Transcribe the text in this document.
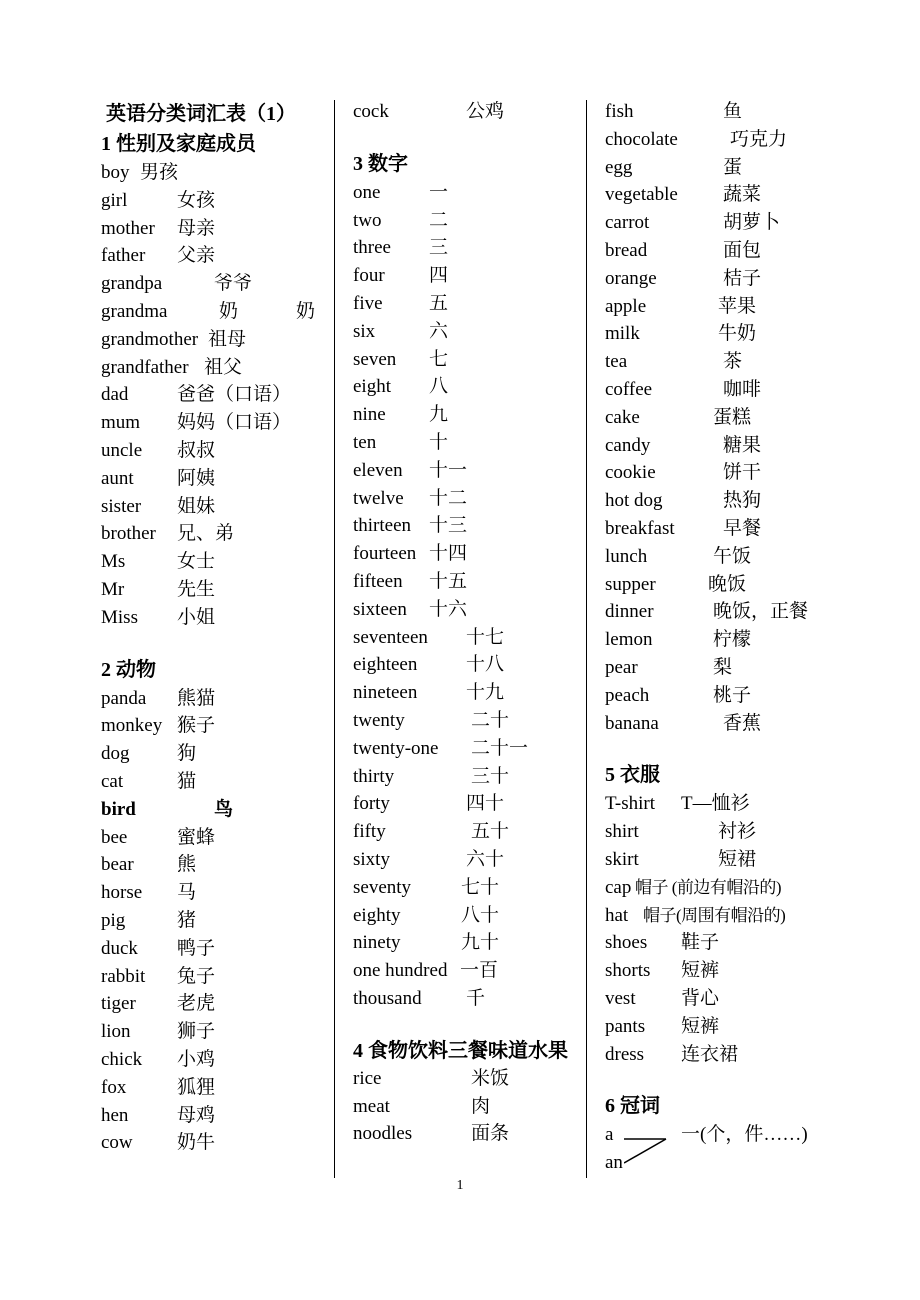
英语分类词汇表（1）
1 性别及家庭成员
boy 男孩
girl	女孩
mother 母亲
father 父亲
grandpa	爷爷
grandma	奶	奶
grandmother 祖母
grandfather 祖父
dad	爸爸（口语）
mum 妈妈（口语）
uncle 叔叔
aunt 阿姨
sister 姐妹
brother 兄、弟
Ms	女士
Mr	先生
Miss 小姐
2 动物
panda 熊猫
monkey 猴子
dog	狗
cat	猫
bird	鸟
bee	蜜蜂
bear 熊
horse 马
pig	猪
duck 鸭子
rabbit 兔子
tiger 老虎
lion 狮子
chick 小鸡
fox	狐狸
hen	母鸡
cow 奶牛
cock	公鸡
3 数字
one	一
two	二
three 三
four 四
five 五
six	六
seven 七
eight 八
nine 九
ten	十
eleven 十一
twelve 十二
thirteen 十三
fourteen 十四
fifteen 十五
sixteen 十六
seventeen 十七
eighteen	十八
nineteen	十九
twenty	二十
twenty-one 二十一
thirty	三十
forty	四十
fifty	五十
sixty	六十
seventy	七十
eighty	八十
ninety	九十
one hundred 一百
thousand 千
4 食物饮料三餐味道水果
rice	米饭
meat	肉
noodles	面条
fish	鱼
chocolate	巧克力
egg	蛋
vegetable 蔬菜
carrot	胡萝卜
bread	面包
orange	桔子
apple	苹果
milk	牛奶
tea	茶
coffee	咖啡
cake	蛋糕
candy	糖果
cookie	饼干
hot dog	热狗
breakfast	早餐
lunch	午饭
supper	晚饭
dinner	晚饭，正餐
lemon	柠檬
pear	梨
peach	桃子
banana	香蕉
5 衣服
T-shirt T—恤衫
shirt	衬衫
skirt	短裙
cap 帽子 (前边有帽沿的)
hat 帽子(周围有帽沿的)
shoes 鞋子
shorts 短裤
vest 背心
pants 短裤
dress 连衣裙
6 冠词
a
an
一(个，件……)
1
